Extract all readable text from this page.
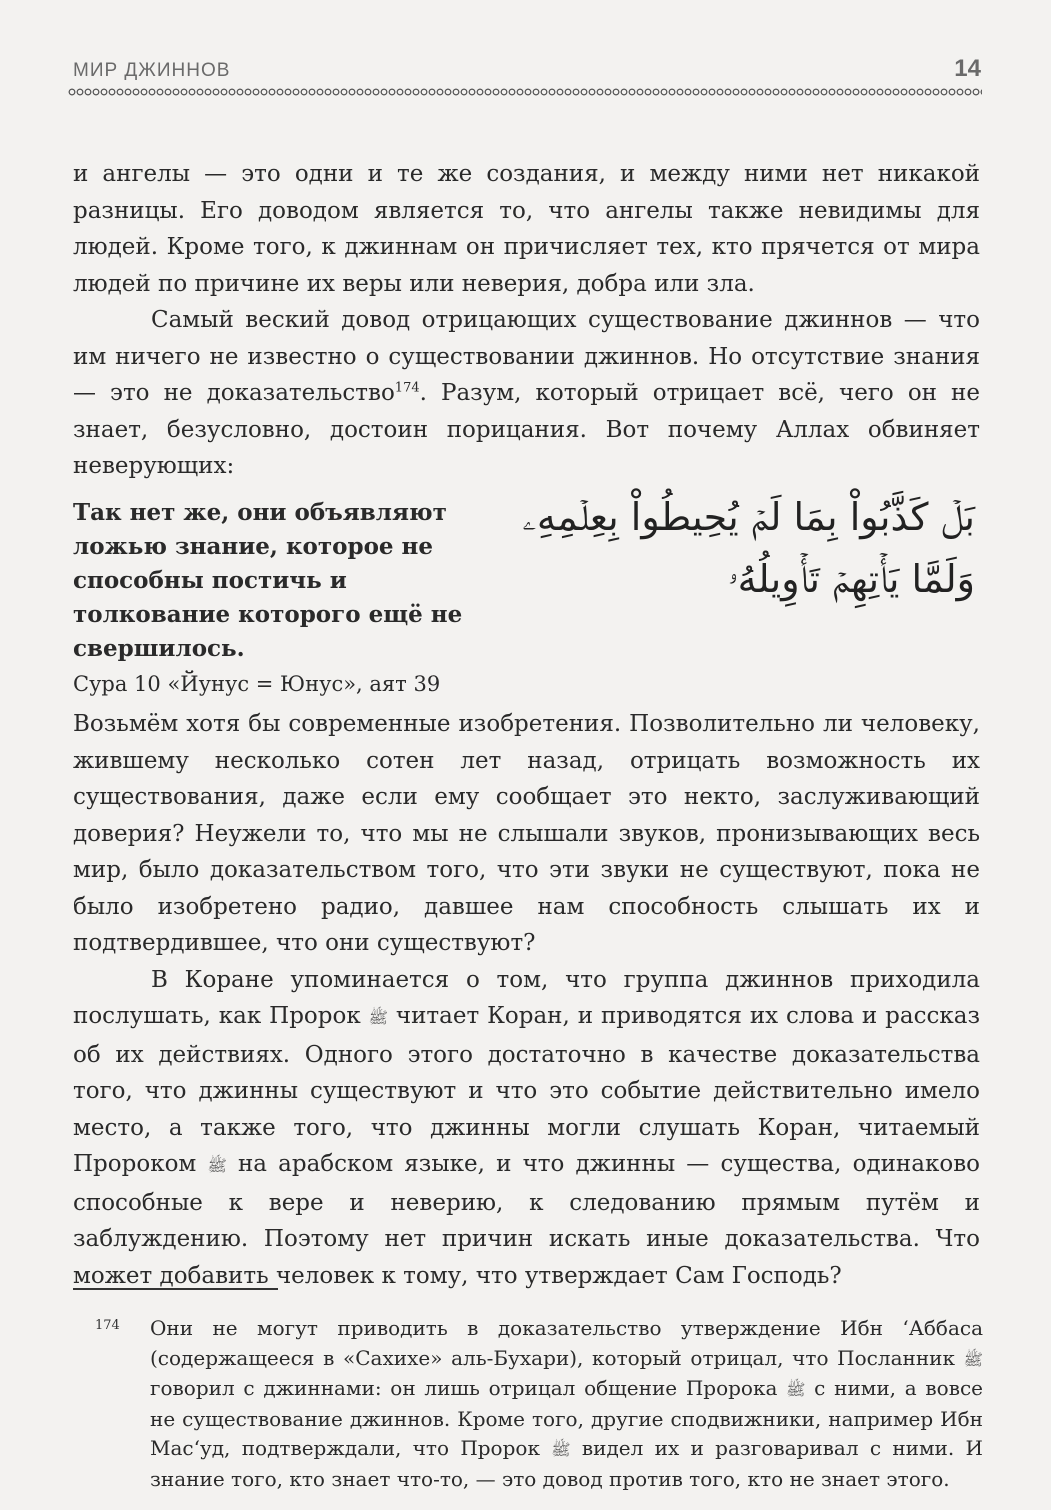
МИР ДЖИННОВ	14

и ангелы — это одни и те же создания, и между ними нет никакой разницы. Его доводом является то, что ангелы также невидимы для людей. Кроме того, к джиннам он причисляет тех, кто прячется от мира людей по причине их веры или неверия, добра или зла.

Самый веский довод отрицающих существование джиннов — что им ничего не известно о существовании джиннов. Но отсутствие знания — это не доказательство$^{174}$. Разум, который отрицает всё, чего он не знает, безусловно, достоин порицания. Вот почему Аллах обвиняет неверующих:

Так нет же, они объявляют ложью знание, которое не способны постичь и толкование которого ещё не свершилось.
Сура 10 «Йунус = Юнус», аят 39
بَلۡ كَذَّبُواْ بِمَا لَمۡ يُحِيطُواْ بِعِلۡمِهِۦ
وَلَمَّا يَأۡتِهِمۡ تَأۡوِيلُهُۥ

Возьмём хотя бы современные изобретения. Позволительно ли человеку, жившему несколько сотен лет назад, отрицать возможность их существования, даже если ему сообщает это некто, заслуживающий доверия? Неужели то, что мы не слышали звуков, пронизывающих весь мир, было доказательством того, что эти звуки не существуют, пока не было изобретено радио, давшее нам способность слышать их и подтвердившее, что они существуют?

В Коране упоминается о том, что группа джиннов приходила послушать, как Пророк ﷺ читает Коран, и приводятся их слова и рассказ об их действиях. Одного этого достаточно в качестве доказательства того, что джинны существуют и что это событие действительно имело место, а также того, что джинны могли слушать Коран, читаемый Пророком ﷺ на арабском языке, и что джинны — существа, одинаково способные к вере и неверию, к следованию прямым путём и заблуждению. Поэтому нет причин искать иные доказательства. Что может добавить человек к тому, что утверждает Сам Господь?

174 Они не могут приводить в доказательство утверждение Ибн ‘Аббаса (содержащееся в «Сахихе» аль-Бухари), который отрицал, что Посланник ﷺ говорил с джиннами: он лишь отрицал общение Пророка ﷺ с ними, а вовсе не существование джиннов. Кроме того, другие сподвижники, например Ибн Мас‘уд, подтверждали, что Пророк ﷺ видел их и разговаривал с ними. И знание того, кто знает что-то, — это довод против того, кто не знает этого.
